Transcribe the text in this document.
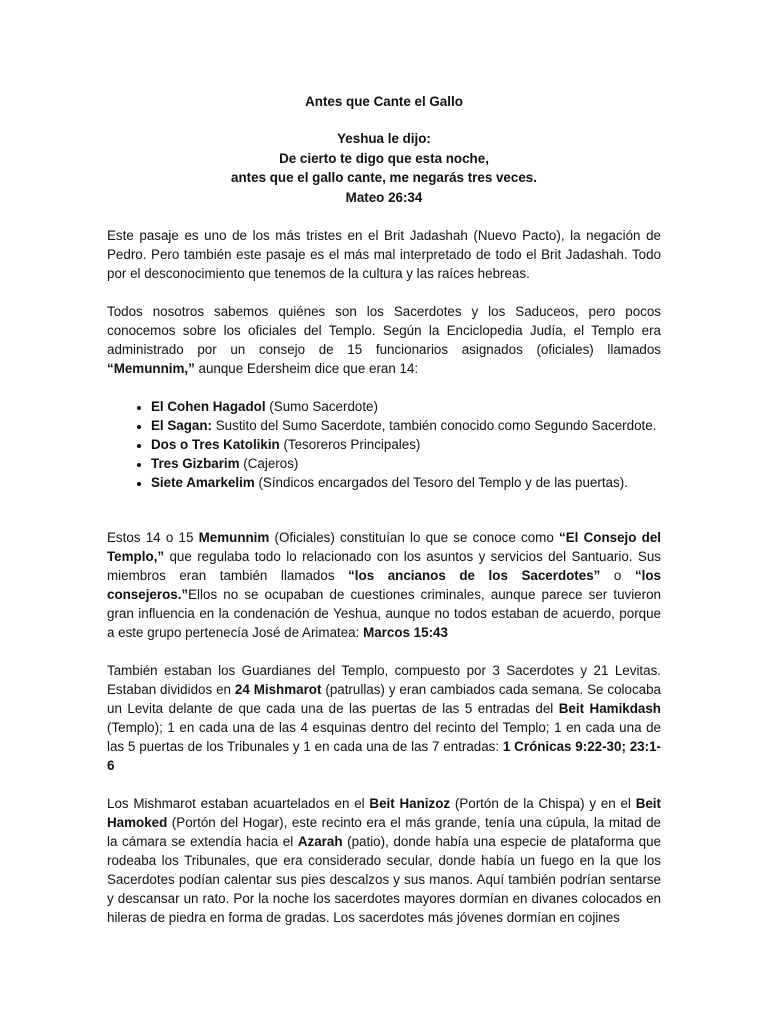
Antes que Cante el Gallo
Yeshua le dijo:
De cierto te digo que esta noche,
antes que el gallo cante, me negarás tres veces.
Mateo 26:34

Este pasaje es uno de los más tristes en el Brit Jadashah (Nuevo Pacto), la negación de Pedro. Pero también este pasaje es el más mal interpretado de todo el Brit Jadashah. Todo por el desconocimiento que tenemos de la cultura y las raíces hebreas.

Todos nosotros sabemos quiénes son los Sacerdotes y los Saduceos, pero pocos conocemos sobre los oficiales del Templo. Según la Enciclopedia Judía, el Templo era administrado por un consejo de 15 funcionarios asignados (oficiales) llamados “Memunnim,” aunque Edersheim dice que eran 14:

• El Cohen Hagadol (Sumo Sacerdote)
• El Sagan: Sustito del Sumo Sacerdote, también conocido como Segundo Sacerdote.
• Dos o Tres Katolikin (Tesoreros Principales)
• Tres Gizbarim (Cajeros)
• Siete Amarkelim (Síndicos encargados del Tesoro del Templo y de las puertas).

Estos 14 o 15 Memunnim (Oficiales) constituían lo que se conoce como “El Consejo del Templo,” que regulaba todo lo relacionado con los asuntos y servicios del Santuario. Sus miembros eran también llamados “los ancianos de los Sacerdotes” o “los consejeros.”Ellos no se ocupaban de cuestiones criminales, aunque parece ser tuvieron gran influencia en la condenación de Yeshua, aunque no todos estaban de acuerdo, porque a este grupo pertenecía José de Arimatea: Marcos 15:43

También estaban los Guardianes del Templo, compuesto por 3 Sacerdotes y 21 Levitas. Estaban divididos en 24 Mishmarot (patrullas) y eran cambiados cada semana. Se colocaba un Levita delante de que cada una de las puertas de las 5 entradas del Beit Hamikdash (Templo); 1 en cada una de las 4 esquinas dentro del recinto del Templo; 1 en cada una de las 5 puertas de los Tribunales y 1 en cada una de las 7 entradas: 1 Crónicas 9:22-30; 23:1-6

Los Mishmarot estaban acuartelados en el Beit Hanizoz (Portón de la Chispa) y en el Beit Hamoked (Portón del Hogar), este recinto era el más grande, tenía una cúpula, la mitad de la cámara se extendía hacia el Azarah (patio), donde había una especie de plataforma que rodeaba los Tribunales, que era considerado secular, donde había un fuego en la que los Sacerdotes podían calentar sus pies descalzos y sus manos. Aquí también podrían sentarse y descansar un rato. Por la noche los sacerdotes mayores dormían en divanes colocados en hileras de piedra en forma de gradas. Los sacerdotes más jóvenes dormían en cojines
